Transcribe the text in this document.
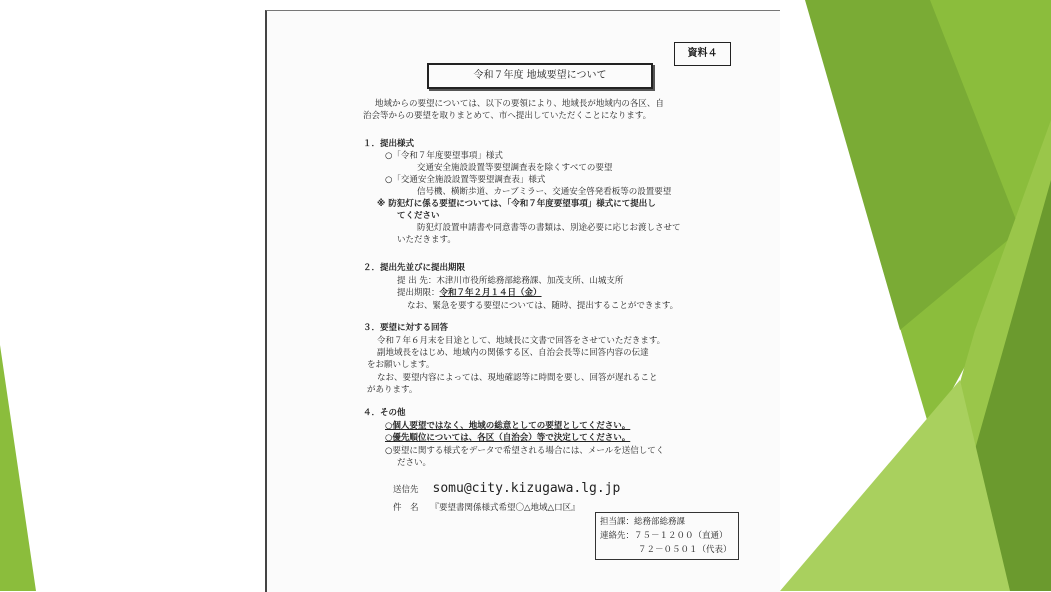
資料４
令和７年度 地域要望について
地域からの要望については、以下の要領により、地域長が地域内の各区、自
治会等からの要望を取りまとめて、市へ提出していただくことになります。
１．提出様式
○「令和７年度要望事項」様式
交通安全施設設置等要望調査表を除くすべての要望
○「交通安全施設設置等要望調査表」様式
信号機、横断歩道、カーブミラー、交通安全啓発看板等の設置要望
※ 防犯灯に係る要望については、「令和７年度要望事項」様式にて提出し
てください
防犯灯設置申請書や同意書等の書類は、別途必要に応じお渡しさせて
いただきます。
２．提出先並びに提出期限
提 出 先：木津川市役所総務部総務課、加茂支所、山城支所
提出期限：令和７年２月１４日（金）
なお、緊急を要する要望については、随時、提出することができます。
３．要望に対する回答
令和７年６月末を目途として、地域長に文書で回答をさせていただきます。
副地域長をはじめ、地域内の関係する区、自治会長等に回答内容の伝達
をお願いします。
なお、要望内容によっては、現地確認等に時間を要し、回答が遅れること
があります。
４．その他
○個人要望ではなく、地域の総意としての要望としてください。
○優先順位については、各区（自治会）等で決定してください。
○要望に関する様式をデータで希望される場合には、メールを送信してく
ださい。
送信先 somu@city.kizugawa.lg.jp
件　名 『要望書関係様式希望〇△地域△口区』
担当課：総務部総務課
連絡先：７５－１２００（直通）
７２－０５０１（代表）
